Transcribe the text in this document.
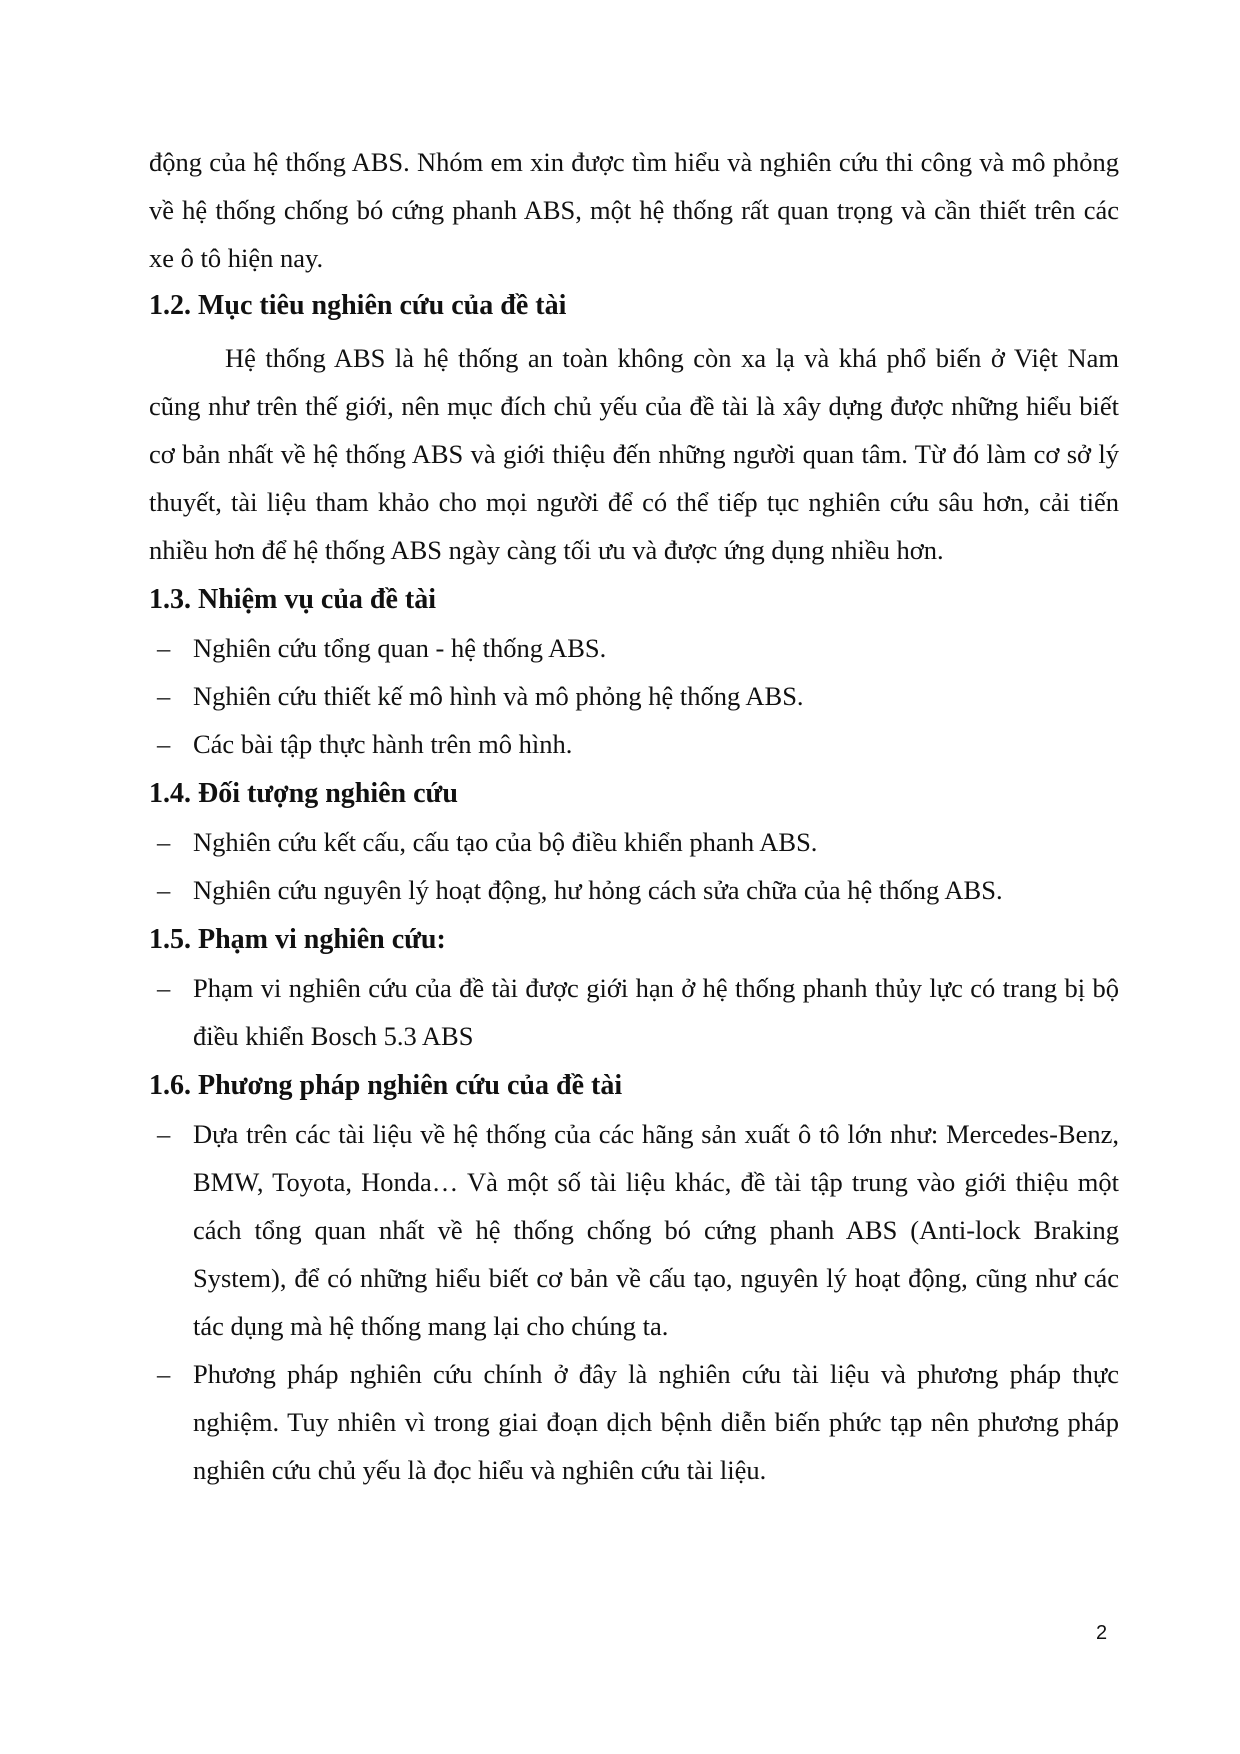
động của hệ thống ABS. Nhóm em xin được tìm hiểu và nghiên cứu thi công và mô phỏng về hệ thống chống bó cứng phanh ABS, một hệ thống rất quan trọng và cần thiết trên các xe ô tô hiện nay.

1.2. Mục tiêu nghiên cứu của đề tài

Hệ thống ABS là hệ thống an toàn không còn xa lạ và khá phổ biến ở Việt Nam cũng như trên thế giới, nên mục đích chủ yếu của đề tài là xây dựng được những hiểu biết cơ bản nhất về hệ thống ABS và giới thiệu đến những người quan tâm. Từ đó làm cơ sở lý thuyết, tài liệu tham khảo cho mọi người để có thể tiếp tục nghiên cứu sâu hơn, cải tiến nhiều hơn để hệ thống ABS ngày càng tối ưu và được ứng dụng nhiều hơn.

1.3. Nhiệm vụ của đề tài
– Nghiên cứu tổng quan - hệ thống ABS.
– Nghiên cứu thiết kế mô hình và mô phỏng hệ thống ABS.
– Các bài tập thực hành trên mô hình.
1.4. Đối tượng nghiên cứu
– Nghiên cứu kết cấu, cấu tạo của bộ điều khiển phanh ABS.
– Nghiên cứu nguyên lý hoạt động, hư hỏng cách sửa chữa của hệ thống ABS.
1.5. Phạm vi nghiên cứu:
– Phạm vi nghiên cứu của đề tài được giới hạn ở hệ thống phanh thủy lực có trang bị bộ điều khiển Bosch 5.3 ABS
1.6. Phương pháp nghiên cứu của đề tài
– Dựa trên các tài liệu về hệ thống của các hãng sản xuất ô tô lớn như: Mercedes-Benz, BMW, Toyota, Honda… Và một số tài liệu khác, đề tài tập trung vào giới thiệu một cách tổng quan nhất về hệ thống chống bó cứng phanh ABS (Anti-lock Braking System), để có những hiểu biết cơ bản về cấu tạo, nguyên lý hoạt động, cũng như các tác dụng mà hệ thống mang lại cho chúng ta.
– Phương pháp nghiên cứu chính ở đây là nghiên cứu tài liệu và phương pháp thực nghiệm. Tuy nhiên vì trong giai đoạn dịch bệnh diễn biến phức tạp nên phương pháp nghiên cứu chủ yếu là đọc hiểu và nghiên cứu tài liệu.
2
